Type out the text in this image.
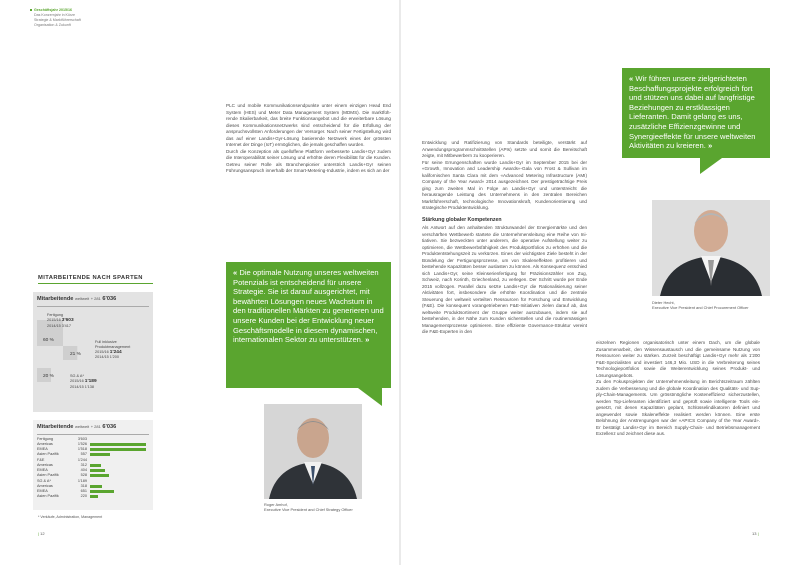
Geschäftsjahr 2015/16
Das Konzernjahr in Kürze
Strategie & Marktführerschaft
Organisation & Zukunft

PLC und mobile Kommunikationsendpunkte unter einem einzigen Head End System (HES) und Meter Data Management System (MDMS). Die marktführende Skalierbarkeit, das breite Funktionsangebot und die erweiterbare Lösung dieses Kommunikationsnetzwerks sind entscheidend für die Erfüllung der anspruchsvollsten Anforderungen der Versorger. Nach seiner Fertigstellung wird das auf einer Landis+Gyr-Lösung basierende Netzwerk eines der grössten Internet der Dinge (IoT) ermöglichen, die jemals geschaffen wurden.

Durch die Konzeption als quelloffene Plattform verbesserte Landis+Gyr zudem die Interoperabilität seiner Lösung und erhöhte deren Flexibilität für die Kunden. Getreu seiner Rolle als Branchenpionier unterstrich Landis+Gyr seinen Führungsanspruch innerhalb der Smart-Metering-Industrie, indem es sich an der

Entwicklung und Ratifizierung von Standards beteiligte, verstärkt auf Anwendungsprogrammschnittstellen (APIs) setzte und somit die Bereitschaft zeigte, mit Mitbewerbern zu kooperieren.

Für seine Errungenschaften wurde Landis+Gyr im September 2015 bei der «Growth, Innovation and Leadership Awards»-Gala von Frost & Sullivan im kalifornischen Santa Clara mit dem «Advanced Metering Infrastructure (AMI) Company of the Year Award» 2014 ausgezeichnet. Der prestigeträchtige Preis ging zum zweiten Mal in Folge an Landis+Gyr und unterstreicht die herausragende Leistung des Unternehmens in den zentralen Bereichen Marktführerschaft, technologische Innovationskraft, Kundenorientierung und strategische Produktentwicklung.

Stärkung globaler Kompetenzen

Als Antwort auf den anhaltenden Strukturwandel der Energiemärkte und den verschärften Wettbewerb startete die Unternehmensleitung eine Reihe von Initiativen. Sie bezweckten unter anderem, die operative Aufstellung weiter zu optimieren, die Wettbewerbsfähigkeit des Produktportfolios zu erhöhen und die Produktentstehungszeit zu verkürzen. Eines der wichtigsten Ziele besteht in der Bündelung der Fertigungsprozesse, um von Skaleneffekten profitieren und bestehende Kapazitäten besser auslasten zu können. Als Konsequenz entschied sich Landis+Gyr, seine Kleinserienfertigung für Präzisionszähler von Zug, Schweiz, nach Korinth, Griechenland, zu verlegen. Der Schritt wurde per Ende 2015 vollzogen. Parallel dazu setzte Landis+Gyr die Rationalisierung seiner Aktivitäten fort, insbesondere die erhöhte Koordination und die zentrale Steuerung der weltweit verteilten Ressourcen für Forschung und Entwicklung (F&E). Die konsequent vorangetriebenen F&E-Initiativen zielen darauf ab, das weltweite Produktsortiment der Gruppe weiter auszubauen, indem sie auf bestehenden, in der Nähe zum Kunden sicherstellen und die routinemässigen Managementprozesse optimieren. Eine effiziente Governance-Struktur vereint die F&E-Experten in den

einzelnen Regionen organisatorisch unter einem Dach, um die globale Zusammenarbeit, den Wissensaustausch und die gemeinsame Nutzung von Ressourcen weiter zu stärken. Zurzeit beschäftigt Landis+Gyr mehr als 1'200 F&E-Spezialisten und investiert 146,3 Mio. USD in die Verbreiterung seines Technologieportfolios sowie die Weiterentwicklung seines Produkt- und Lösungsangebots.

Zu den Fokusprojekten der Unternehmensleitung im Berichtszeitraum zählten zudem die Verbesserung und die globale Koordination des Qualitäts- und Supply-Chain-Managements. Um grösstmögliche Kosteneffizienz sicherzustellen, werden Top-Lieferanten identifiziert und geprüft sowie intelligente Tools eingesetzt, mit denen Kapazitäten geplant, Schlüsselindikatoren definiert und angewendet sowie Skaleneffekte realisiert werden können. Eine erste Belohnung der Anstrengungen war der «APICS Company of the Year Award». Er bestätigt Landis+Gyr im Bereich Supply-Chain- und Betriebsmanagement Exzellenz und zeichnet diese aus.

« Die optimale Nutzung unseres weltweiten Potenzials ist entscheidend für unsere Strategie. Sie ist darauf ausgerichtet, mit bewährten Lösungen neues Wachstum in den traditionellen Märkten zu generieren und unsere Kunden bei der Entwicklung neuer Geschäftsmodelle in diesem dynamischen, internationalen Sektor zu unterstützen. »
« Wir führen unsere zielgerichteten Beschaffungsprojekte erfolgreich fort und stützen uns dabei auf langfristige Beziehungen zu erstklassigen Lieferanten. Damit gelang es uns, zusätzliche Effizienzgewinne und Synergieeffekte für unsere weltweiten Aktivitäten zu kreieren. »
Roger Amhof,
Executive Vice President and Chief Strategy Officer
Dieter Hecht,
Executive Vice President and Chief Procurement Officer
MITARBEITENDE NACH SPARTEN
Mitarbeitende weltweit + 281 6'036
Fertigung
2015/16 3'603
2014/15 3'417
60 %	Full inklusive Produktmanagement
2015/16 1'244
2014/15 1'200
21 %
SG & A*
2015/16 1'189
2014/15 1'138
20 %
Mitarbeitende weltweit + 281 6'036
Fertigung	3'603
Americas	1'526
EMEA	1'518
Asien Pazifik	557
F&E	1'244
Americas	312
EMEA	404
Asien Pazifik	528
SG & A*	1'189
Americas	318
EMEA	651
Asien Pazifik	220
* Verkäufe, Administration, Management
| 12	13 |
